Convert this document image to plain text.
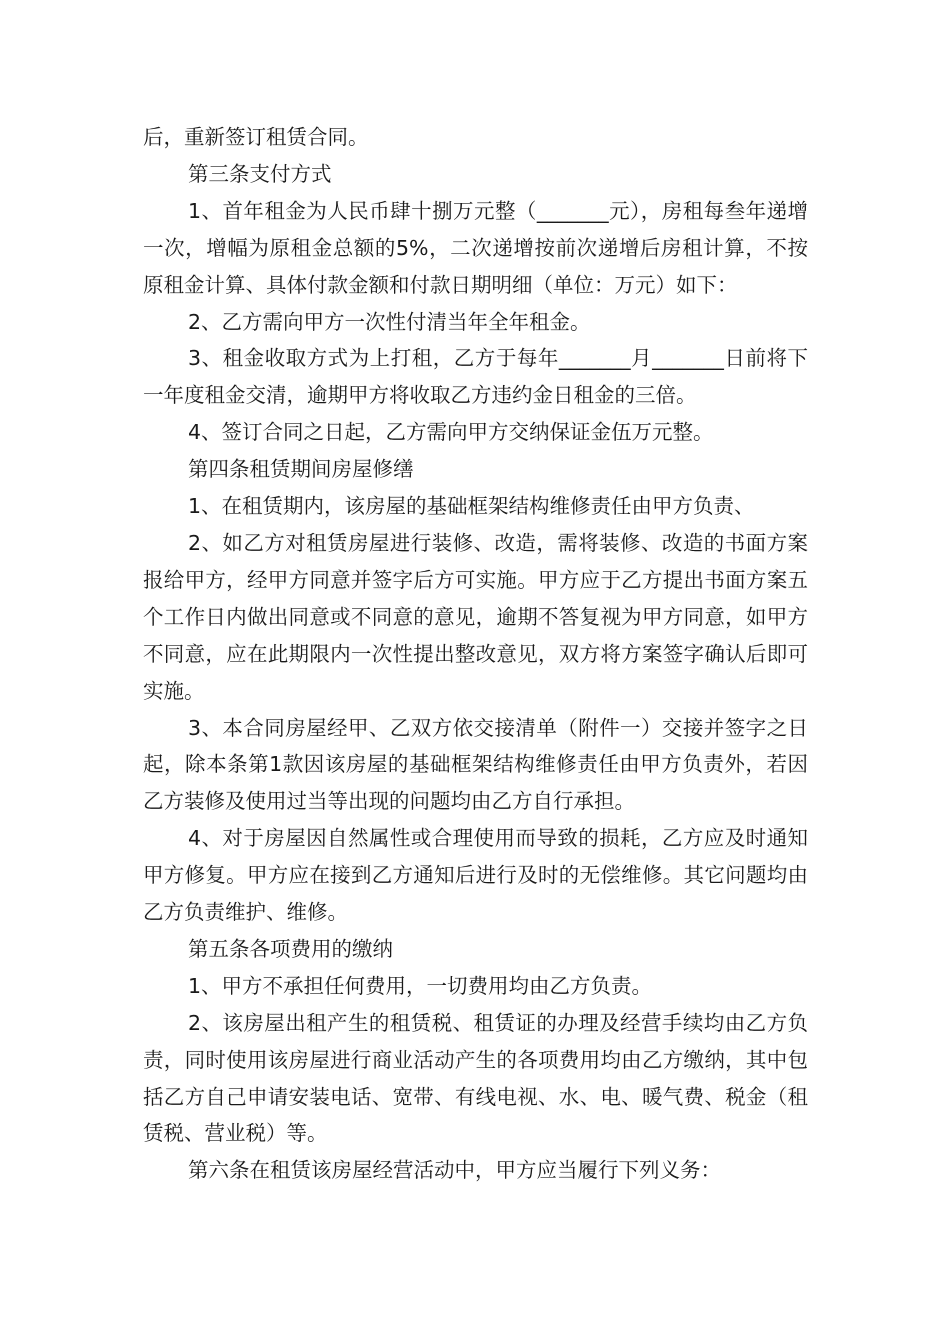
后，重新签订租赁合同。

第三条支付方式

1、首年租金为人民币肆十捌万元整（_______元），房租每叁年递增一次，增幅为原租金总额的5%，二次递增按前次递增后房租计算，不按原租金计算、具体付款金额和付款日期明细（单位：万元）如下：

2、乙方需向甲方一次性付清当年全年租金。

3、租金收取方式为上打租，乙方于每年_______月_______日前将下一年度租金交清，逾期甲方将收取乙方违约金日租金的三倍。

4、签订合同之日起，乙方需向甲方交纳保证金伍万元整。

第四条租赁期间房屋修缮

1、在租赁期内，该房屋的基础框架结构维修责任由甲方负责、

2、如乙方对租赁房屋进行装修、改造，需将装修、改造的书面方案报给甲方，经甲方同意并签字后方可实施。甲方应于乙方提出书面方案五个工作日内做出同意或不同意的意见，逾期不答复视为甲方同意，如甲方不同意，应在此期限内一次性提出整改意见，双方将方案签字确认后即可实施。

3、本合同房屋经甲、乙双方依交接清单（附件一）交接并签字之日起，除本条第1款因该房屋的基础框架结构维修责任由甲方负责外，若因乙方装修及使用过当等出现的问题均由乙方自行承担。

4、对于房屋因自然属性或合理使用而导致的损耗，乙方应及时通知甲方修复。甲方应在接到乙方通知后进行及时的无偿维修。其它问题均由乙方负责维护、维修。

第五条各项费用的缴纳

1、甲方不承担任何费用，一切费用均由乙方负责。

2、该房屋出租产生的租赁税、租赁证的办理及经营手续均由乙方负责，同时使用该房屋进行商业活动产生的各项费用均由乙方缴纳，其中包括乙方自己申请安装电话、宽带、有线电视、水、电、暖气费、税金（租赁税、营业税）等。

第六条在租赁该房屋经营活动中，甲方应当履行下列义务：
